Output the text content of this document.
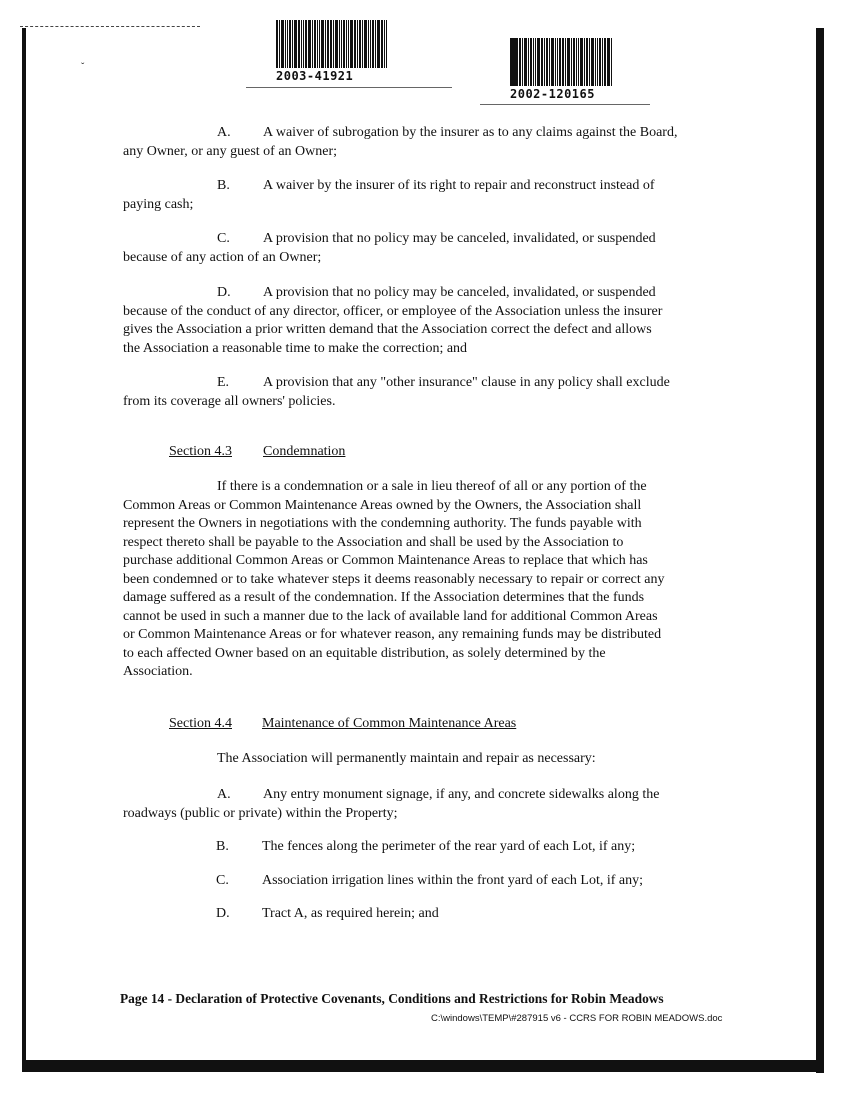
ˇ
2003-41921
2002-120165
A. A waiver of subrogation by the insurer as to any claims against the Board,
any Owner, or any guest of an Owner;
B. A waiver by the insurer of its right to repair and reconstruct instead of
paying cash;
C. A provision that no policy may be canceled, invalidated, or suspended
because of any action of an Owner;
D. A provision that no policy may be canceled, invalidated, or suspended
because of the conduct of any director, officer, or employee of the Association unless the insurer
gives the Association a prior written demand that the Association correct the defect and allows
the Association a reasonable time to make the correction; and
E. A provision that any "other insurance" clause in any policy shall exclude
from its coverage all owners' policies.
Section 4.3 Condemnation
If there is a condemnation or a sale in lieu thereof of all or any portion of the
Common Areas or Common Maintenance Areas owned by the Owners, the Association shall
represent the Owners in negotiations with the condemning authority. The funds payable with
respect thereto shall be payable to the Association and shall be used by the Association to
purchase additional Common Areas or Common Maintenance Areas to replace that which has
been condemned or to take whatever steps it deems reasonably necessary to repair or correct any
damage suffered as a result of the condemnation. If the Association determines that the funds
cannot be used in such a manner due to the lack of available land for additional Common Areas
or Common Maintenance Areas or for whatever reason, any remaining funds may be distributed
to each affected Owner based on an equitable distribution, as solely determined by the
Association.
Section 4.4 Maintenance of Common Maintenance Areas
The Association will permanently maintain and repair as necessary:
A. Any entry monument signage, if any, and concrete sidewalks along the
roadways (public or private) within the Property;
B. The fences along the perimeter of the rear yard of each Lot, if any;
C. Association irrigation lines within the front yard of each Lot, if any;
D. Tract A, as required herein; and
Page 14 - Declaration of Protective Covenants, Conditions and Restrictions for Robin Meadows
C:\windows\TEMP\#287915 v6 - CCRS FOR ROBIN MEADOWS.doc
